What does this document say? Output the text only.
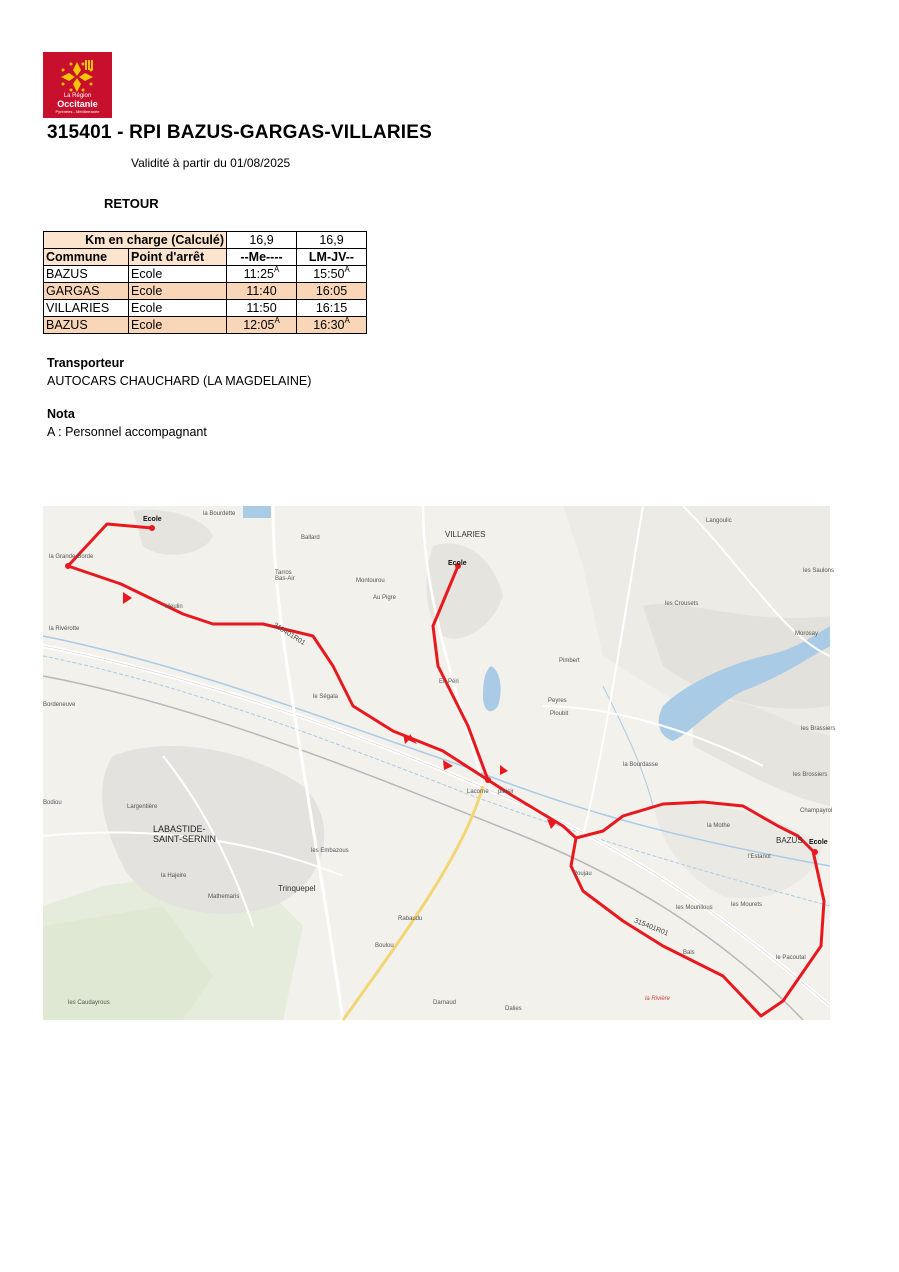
La Région
Occitanie
Pyrénées - Méditerranée
315401 - RPI BAZUS-GARGAS-VILLARIES
Validité à partir du 01/08/2025
RETOUR
Km en charge (Calculé)		16,9	16,9
Commune	Point d'arrêt	--Me----	LM-JV--
BAZUS	Ecole	$11:25^A$	$15:50^A$
GARGAS	Ecole	11:40	16:05
VILLARIES	Ecole	11:50	16:15
BAZUS	Ecole	$12:05^A$	$16:30^A$
Transporteur
AUTOCARS CHAUCHARD (LA MAGDELAINE)
Nota
A : Personnel accompagnant
Ecole
Ecole
Ecole
VILLARIES
BAZUS
LABASTIDE-
SAINT-SERNIN
Trinquepel
Lacorne plaisir
Largentière
la Grande-Borde
la Rivérotte
Bordeneuve
Meulin
le Ségala
Tarros
Bas-Air	Montourou
Au Pigre
les Embazous
les Caudayrous	Darnaud
Dalies
Bals
les Mourillous	les Mourets
la Mothe
le Pacoutal
la Bourdasse
Pimbert
les Crousets
Langoulic
les Saulons
les Brassiers
les Brossiers
Champayrol
Bodiou
la Bourdette
Ballard
En Péri
Peyres
Ploubit
Rabaudu
Mathemaris
la Hajeire	Poujau
la Rivière
Boulou
Morosay
l'Estanot
315401R01
315401R01
